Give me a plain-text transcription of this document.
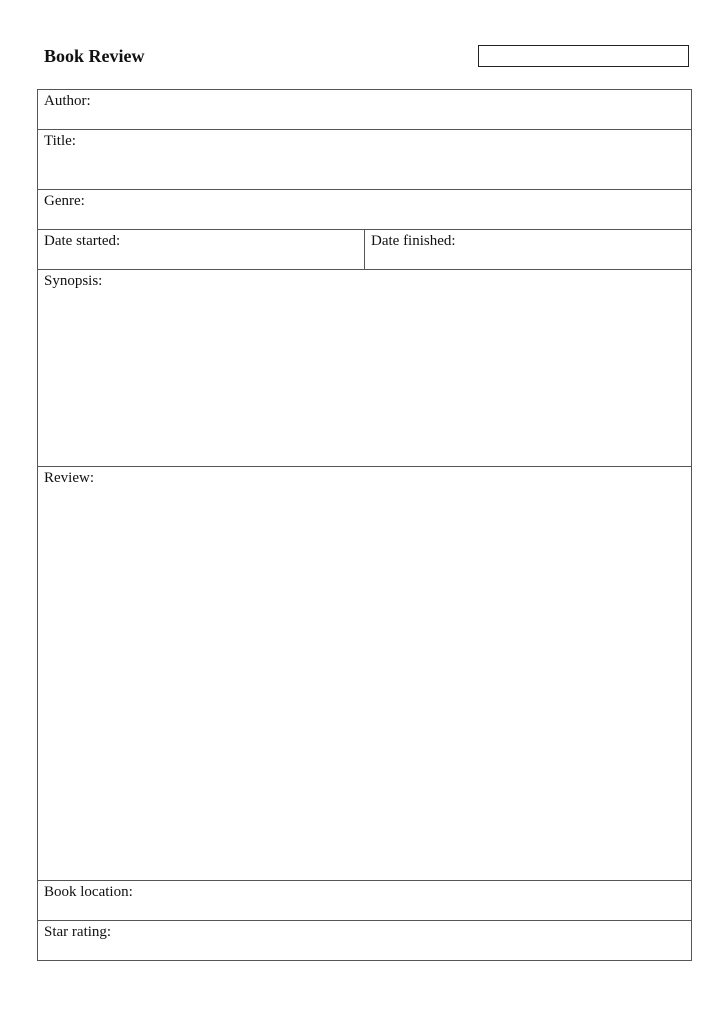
Book Review
Author:
Title:
Genre:
Date started:	Date finished:
Synopsis:
Review:
Book location:
Star rating:
